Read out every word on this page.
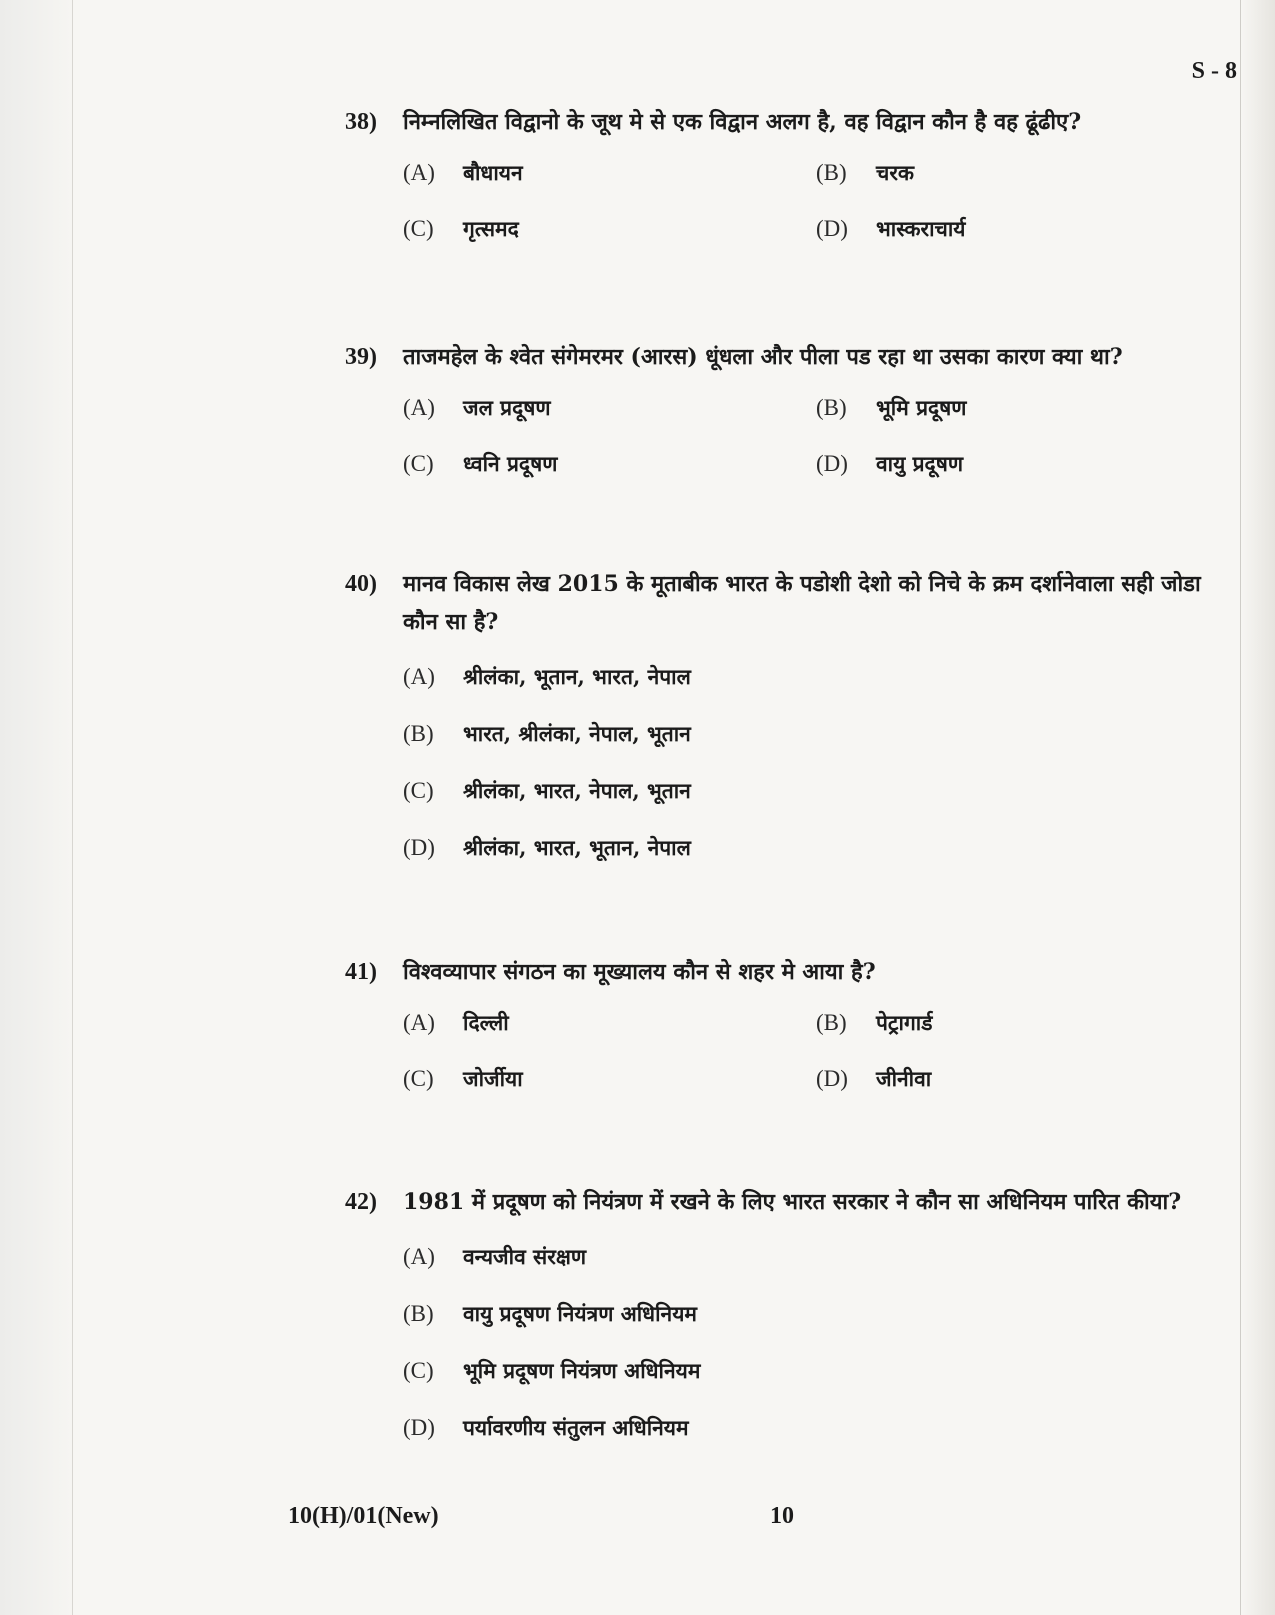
S - 8
38)	निम्नलिखित विद्वानो के जूथ मे से एक विद्वान अलग है, वह विद्वान कौन है वह ढूंढीए?
(A)	बौधायन	(B)	चरक
(C)	गृत्समद	(D)	भास्कराचार्य
39)	ताजमहेल के श्वेत संगेमरमर (आरस) धूंधला और पीला पड रहा था उसका कारण क्या था?
(A)	जल प्रदूषण	(B)	भूमि प्रदूषण
(C)	ध्वनि प्रदूषण	(D)	वायु प्रदूषण
40)	मानव विकास लेख 2015 के मूताबीक भारत के पडोशी देशो को निचे के क्रम दर्शानेवाला सही जोडा कौन सा है?
(A)	श्रीलंका, भूतान, भारत, नेपाल
(B)	भारत, श्रीलंका, नेपाल, भूतान
(C)	श्रीलंका, भारत, नेपाल, भूतान
(D)	श्रीलंका, भारत, भूतान, नेपाल
41)	विश्वव्यापार संगठन का मूख्यालय कौन से शहर मे आया है?
(A)	दिल्ली	(B)	पेट्रागार्ड
(C)	जोर्जीया	(D)	जीनीवा
42)	1981 में प्रदूषण को नियंत्रण में रखने के लिए भारत सरकार ने कौन सा अधिनियम पारित कीया?
(A)	वन्यजीव संरक्षण
(B)	वायु प्रदूषण नियंत्रण अधिनियम
(C)	भूमि प्रदूषण नियंत्रण अधिनियम
(D)	पर्यावरणीय संतुलन अधिनियम
10(H)/01(New)	10
